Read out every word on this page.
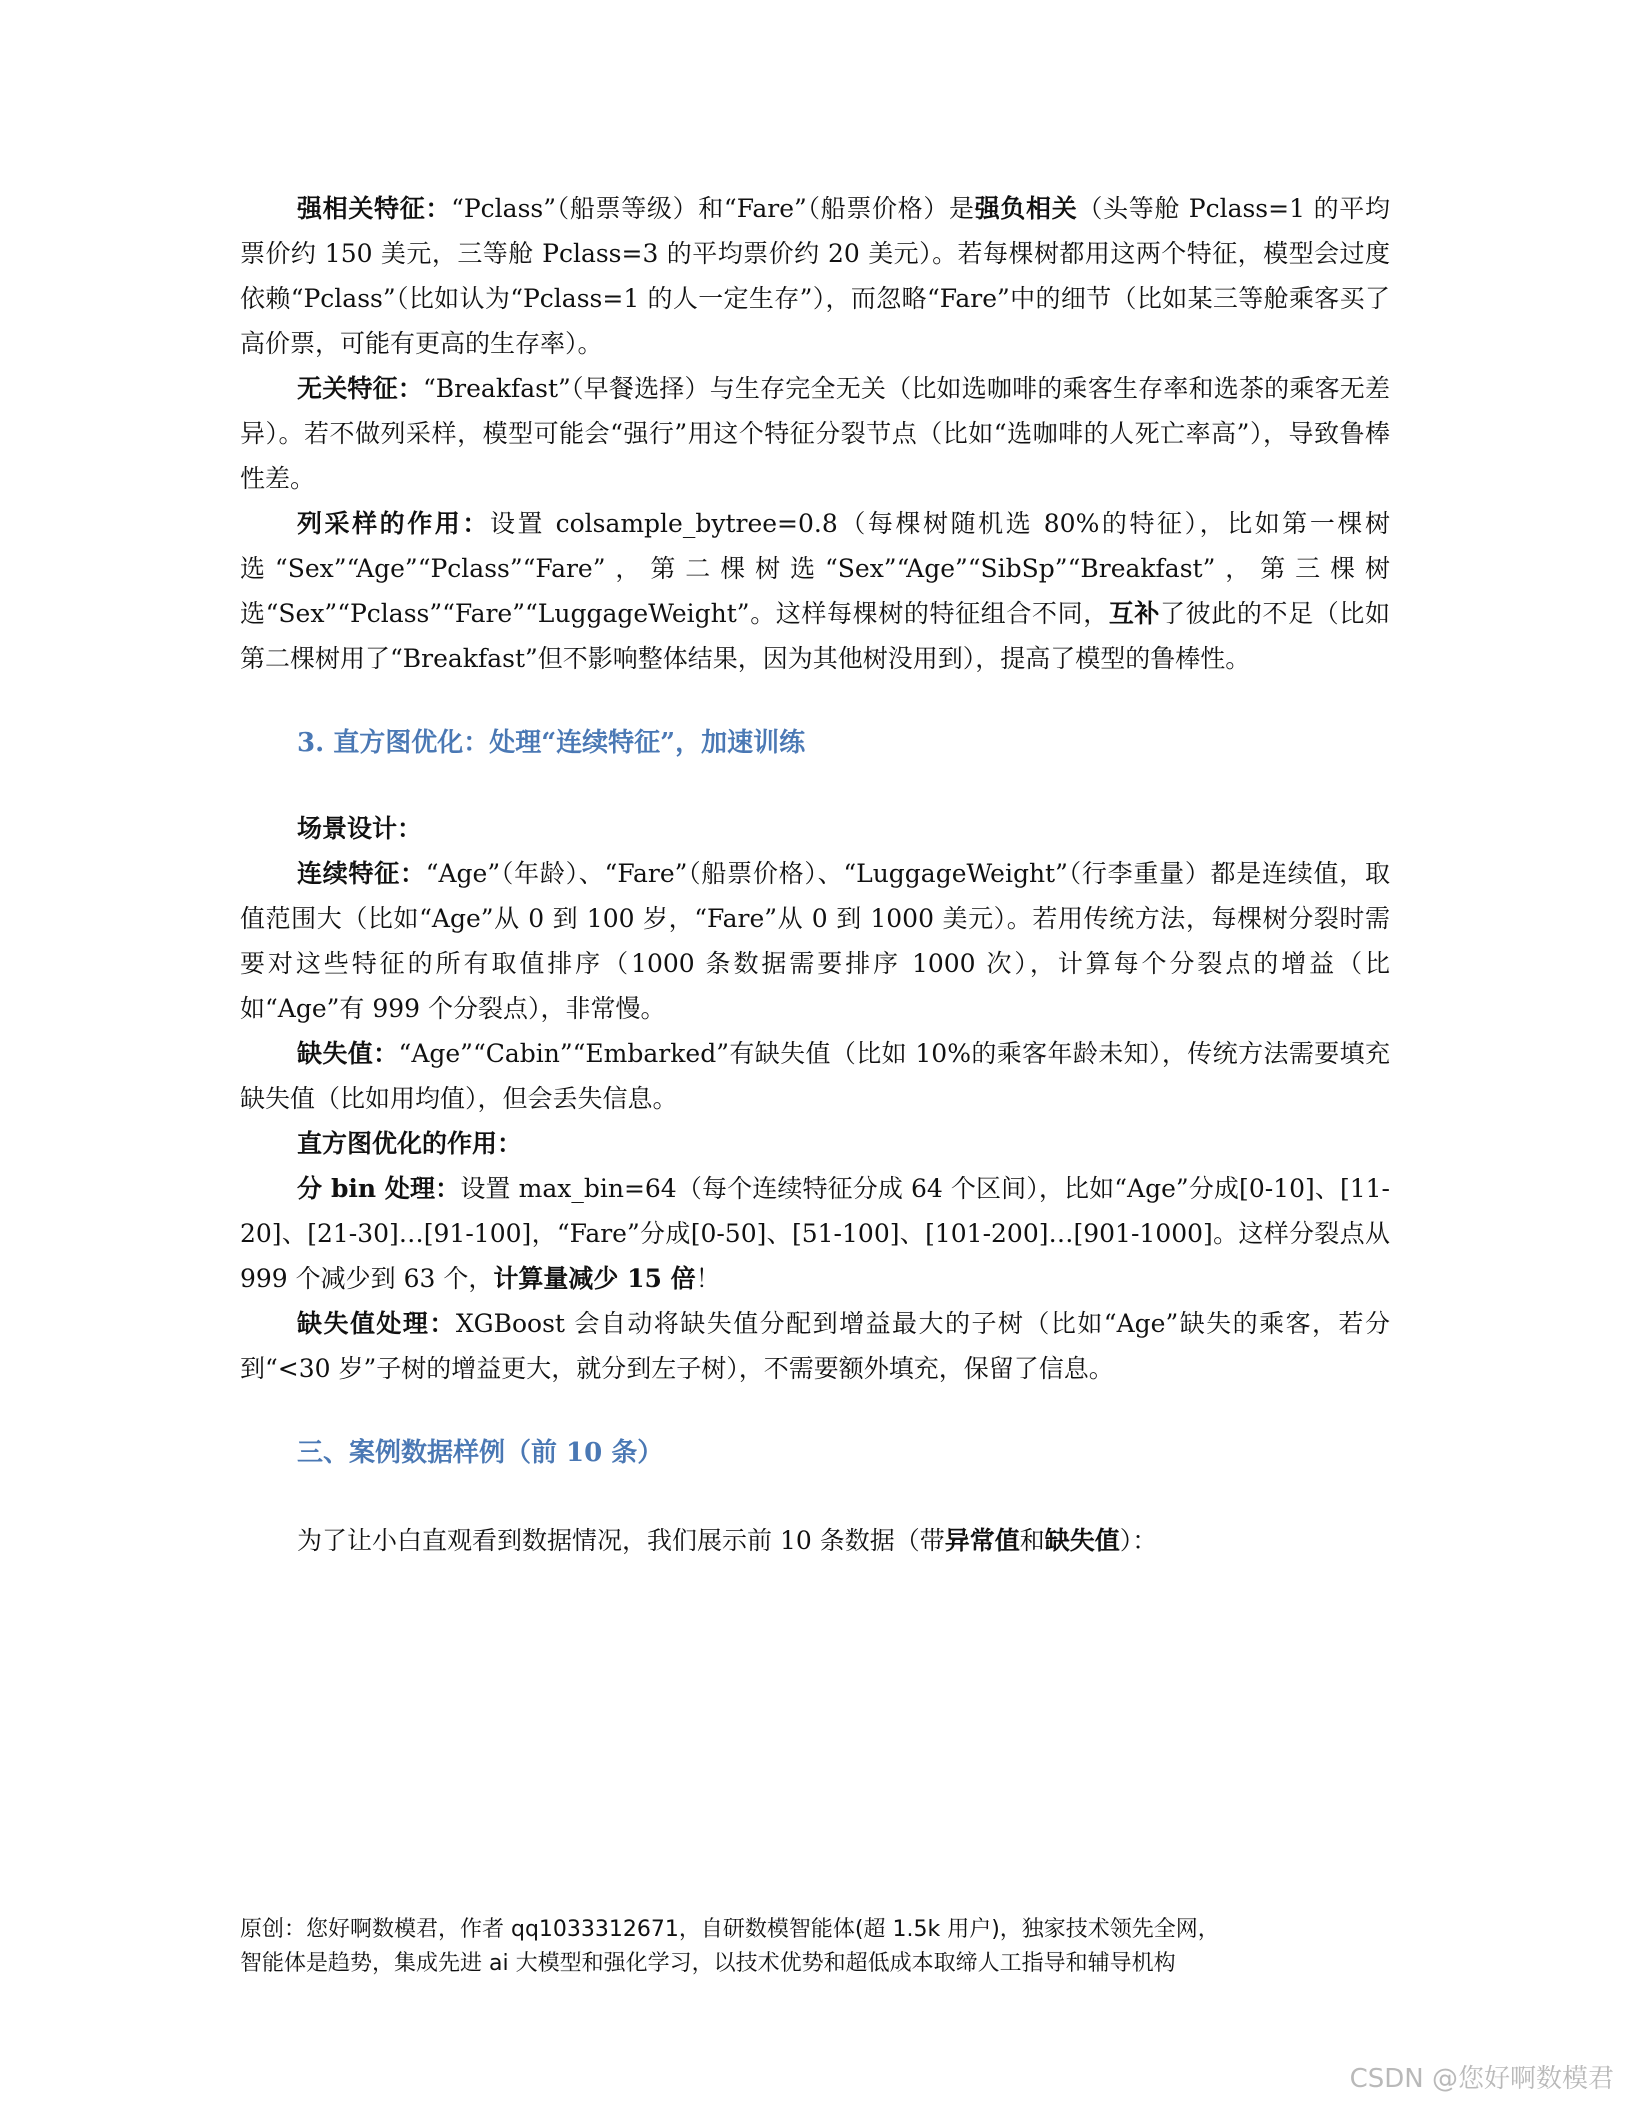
强相关特征：“Pclass”（船票等级）和“Fare”（船票价格）是强负相关（头等舱 Pclass=1 的平均票价约 150 美元，三等舱 Pclass=3 的平均票价约 20 美元）。若每棵树都用这两个特征，模型会过度依赖“Pclass”（比如认为“Pclass=1 的人一定生存”），而忽略“Fare”中的细节（比如某三等舱乘客买了高价票，可能有更高的生存率）。

无关特征：“Breakfast”（早餐选择）与生存完全无关（比如选咖啡的乘客生存率和选茶的乘客无差异）。若不做列采样，模型可能会“强行”用这个特征分裂节点（比如“选咖啡的人死亡率高”），导致鲁棒性差。

列采样的作用：设置 colsample_bytree=0.8（每棵树随机选 80%的特征），比如第一棵树选“Sex”“Age”“Pclass”“Fare”，第二棵树选“Sex”“Age”“SibSp”“Breakfast”，第三棵树选“Sex”“Pclass”“Fare”“LuggageWeight”。这样每棵树的特征组合不同，互补了彼此的不足（比如第二棵树用了“Breakfast”但不影响整体结果，因为其他树没用到），提高了模型的鲁棒性。

3. 直方图优化：处理“连续特征”，加速训练

场景设计：

连续特征：“Age”（年龄）、“Fare”（船票价格）、“LuggageWeight”（行李重量）都是连续值，取值范围大（比如“Age”从 0 到 100 岁，“Fare”从 0 到 1000 美元）。若用传统方法，每棵树分裂时需要对这些特征的所有取值排序（1000 条数据需要排序 1000 次），计算每个分裂点的增益（比如“Age”有 999 个分裂点），非常慢。

缺失值：“Age”“Cabin”“Embarked”有缺失值（比如 10%的乘客年龄未知），传统方法需要填充缺失值（比如用均值），但会丢失信息。

直方图优化的作用：

分 bin 处理：设置 max_bin=64（每个连续特征分成 64 个区间），比如“Age”分成[0-10]、[11-20]、[21-30]…[91-100]，“Fare”分成[0-50]、[51-100]、[101-200]…[901-1000]。这样分裂点从 999 个减少到 63 个，计算量减少 15 倍！

缺失值处理：XGBoost 会自动将缺失值分配到增益最大的子树（比如“Age”缺失的乘客，若分到“<30 岁”子树的增益更大，就分到左子树），不需要额外填充，保留了信息。

三、案例数据样例（前 10 条）

为了让小白直观看到数据情况，我们展示前 10 条数据（带异常值和缺失值）：

原创：您好啊数模君，作者 qq1033312671，自研数模智能体(超 1.5k 用户)，独家技术领先全网，
智能体是趋势，集成先进 ai 大模型和强化学习，以技术优势和超低成本取缔人工指导和辅导机构
CSDN @您好啊数模君
